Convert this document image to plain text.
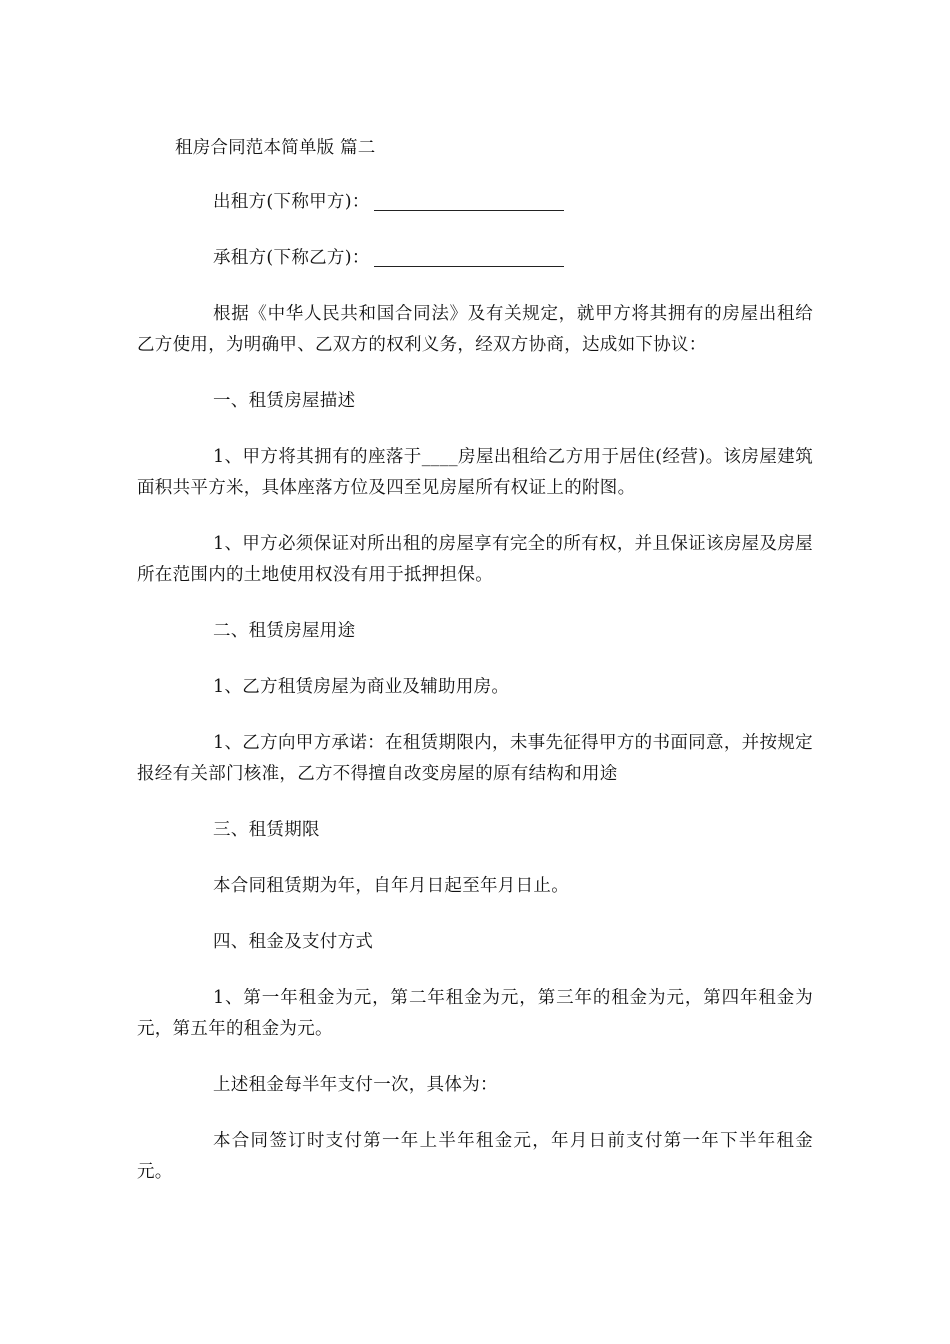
租房合同范本简单版 篇二

出租方(下称甲方)：

承租方(下称乙方)：

根据《中华人民共和国合同法》及有关规定，就甲方将其拥有的房屋出租给乙方使用，为明确甲、乙双方的权利义务，经双方协商，达成如下协议：

一、租赁房屋描述

1、甲方将其拥有的座落于____房屋出租给乙方用于居住(经营)。该房屋建筑面积共平方米，具体座落方位及四至见房屋所有权证上的附图。

1、甲方必须保证对所出租的房屋享有完全的所有权，并且保证该房屋及房屋所在范围内的土地使用权没有用于抵押担保。

二、租赁房屋用途

1、乙方租赁房屋为商业及辅助用房。

1、乙方向甲方承诺：在租赁期限内，未事先征得甲方的书面同意，并按规定报经有关部门核准，乙方不得擅自改变房屋的原有结构和用途

三、租赁期限

本合同租赁期为年，自年月日起至年月日止。

四、租金及支付方式

1、第一年租金为元，第二年租金为元，第三年的租金为元，第四年租金为元，第五年的租金为元。

上述租金每半年支付一次，具体为：

本合同签订时支付第一年上半年租金元，年月日前支付第一年下半年租金元。
